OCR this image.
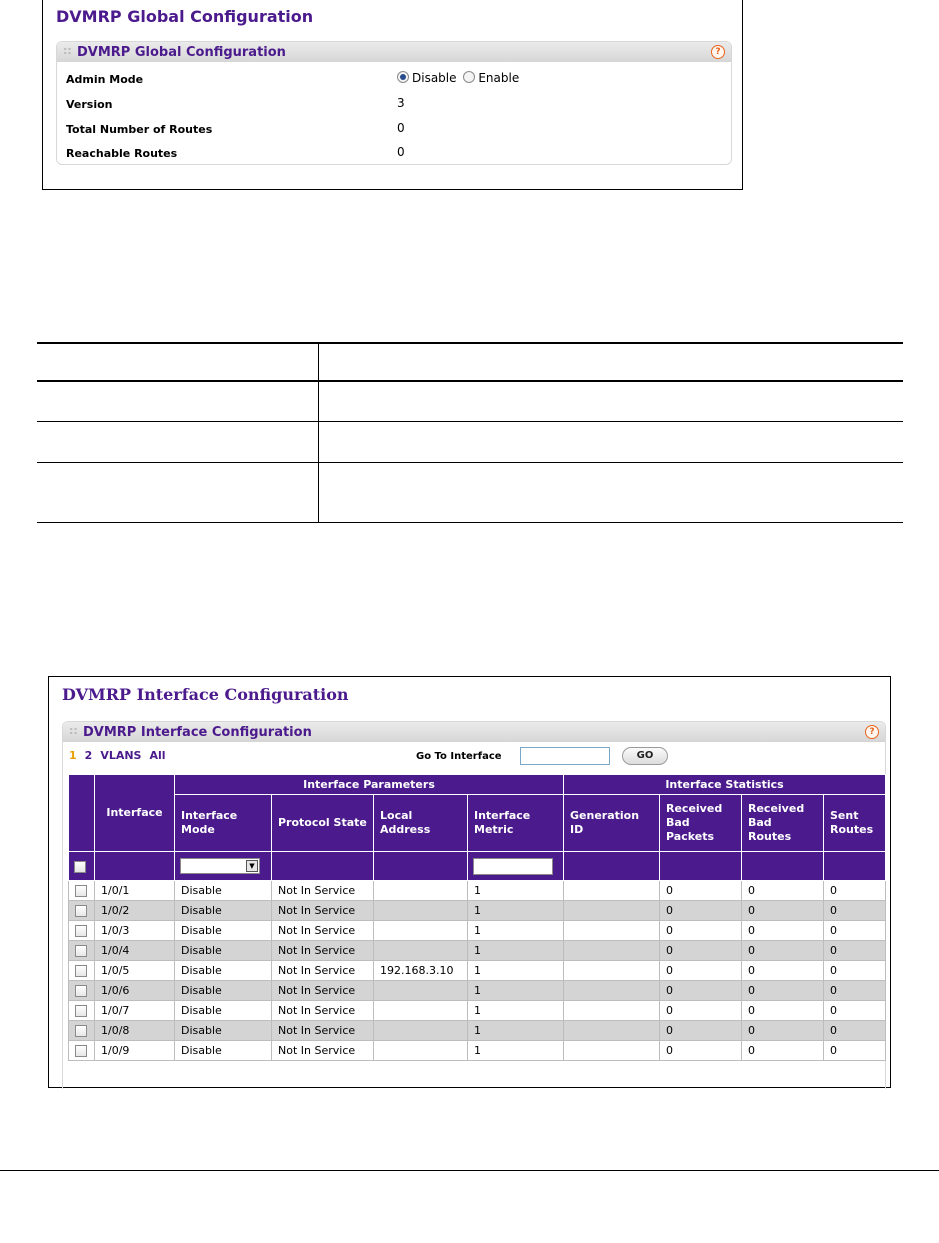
DVMRP Global Configuration
:: DVMRP Global Configuration	?
Admin Mode	Disable Enable
Version	3
Total Number of Routes	0
Reachable Routes	0

DVMRP Interface Configuration
:: DVMRP Interface Configuration	?
1 2 VLANS All	Go To Interface	GO
	Interface	Interface Parameters				Interface Statistics			
		Interface Mode	Protocol State	Local Address	Interface Metric	Generation ID	Received Bad Packets	Received Bad Routes	Sent Routes

		▼

	1/0/1	Disable	Not In Service		1		0	0	0
	1/0/2	Disable	Not In Service		1		0	0	0
	1/0/3	Disable	Not In Service		1		0	0	0
	1/0/4	Disable	Not In Service		1		0	0	0
	1/0/5	Disable	Not In Service	192.168.3.10	1		0	0	0
	1/0/6	Disable	Not In Service		1		0	0	0
	1/0/7	Disable	Not In Service		1		0	0	0
	1/0/8	Disable	Not In Service		1		0	0	0
	1/0/9	Disable	Not In Service		1		0	0	0
